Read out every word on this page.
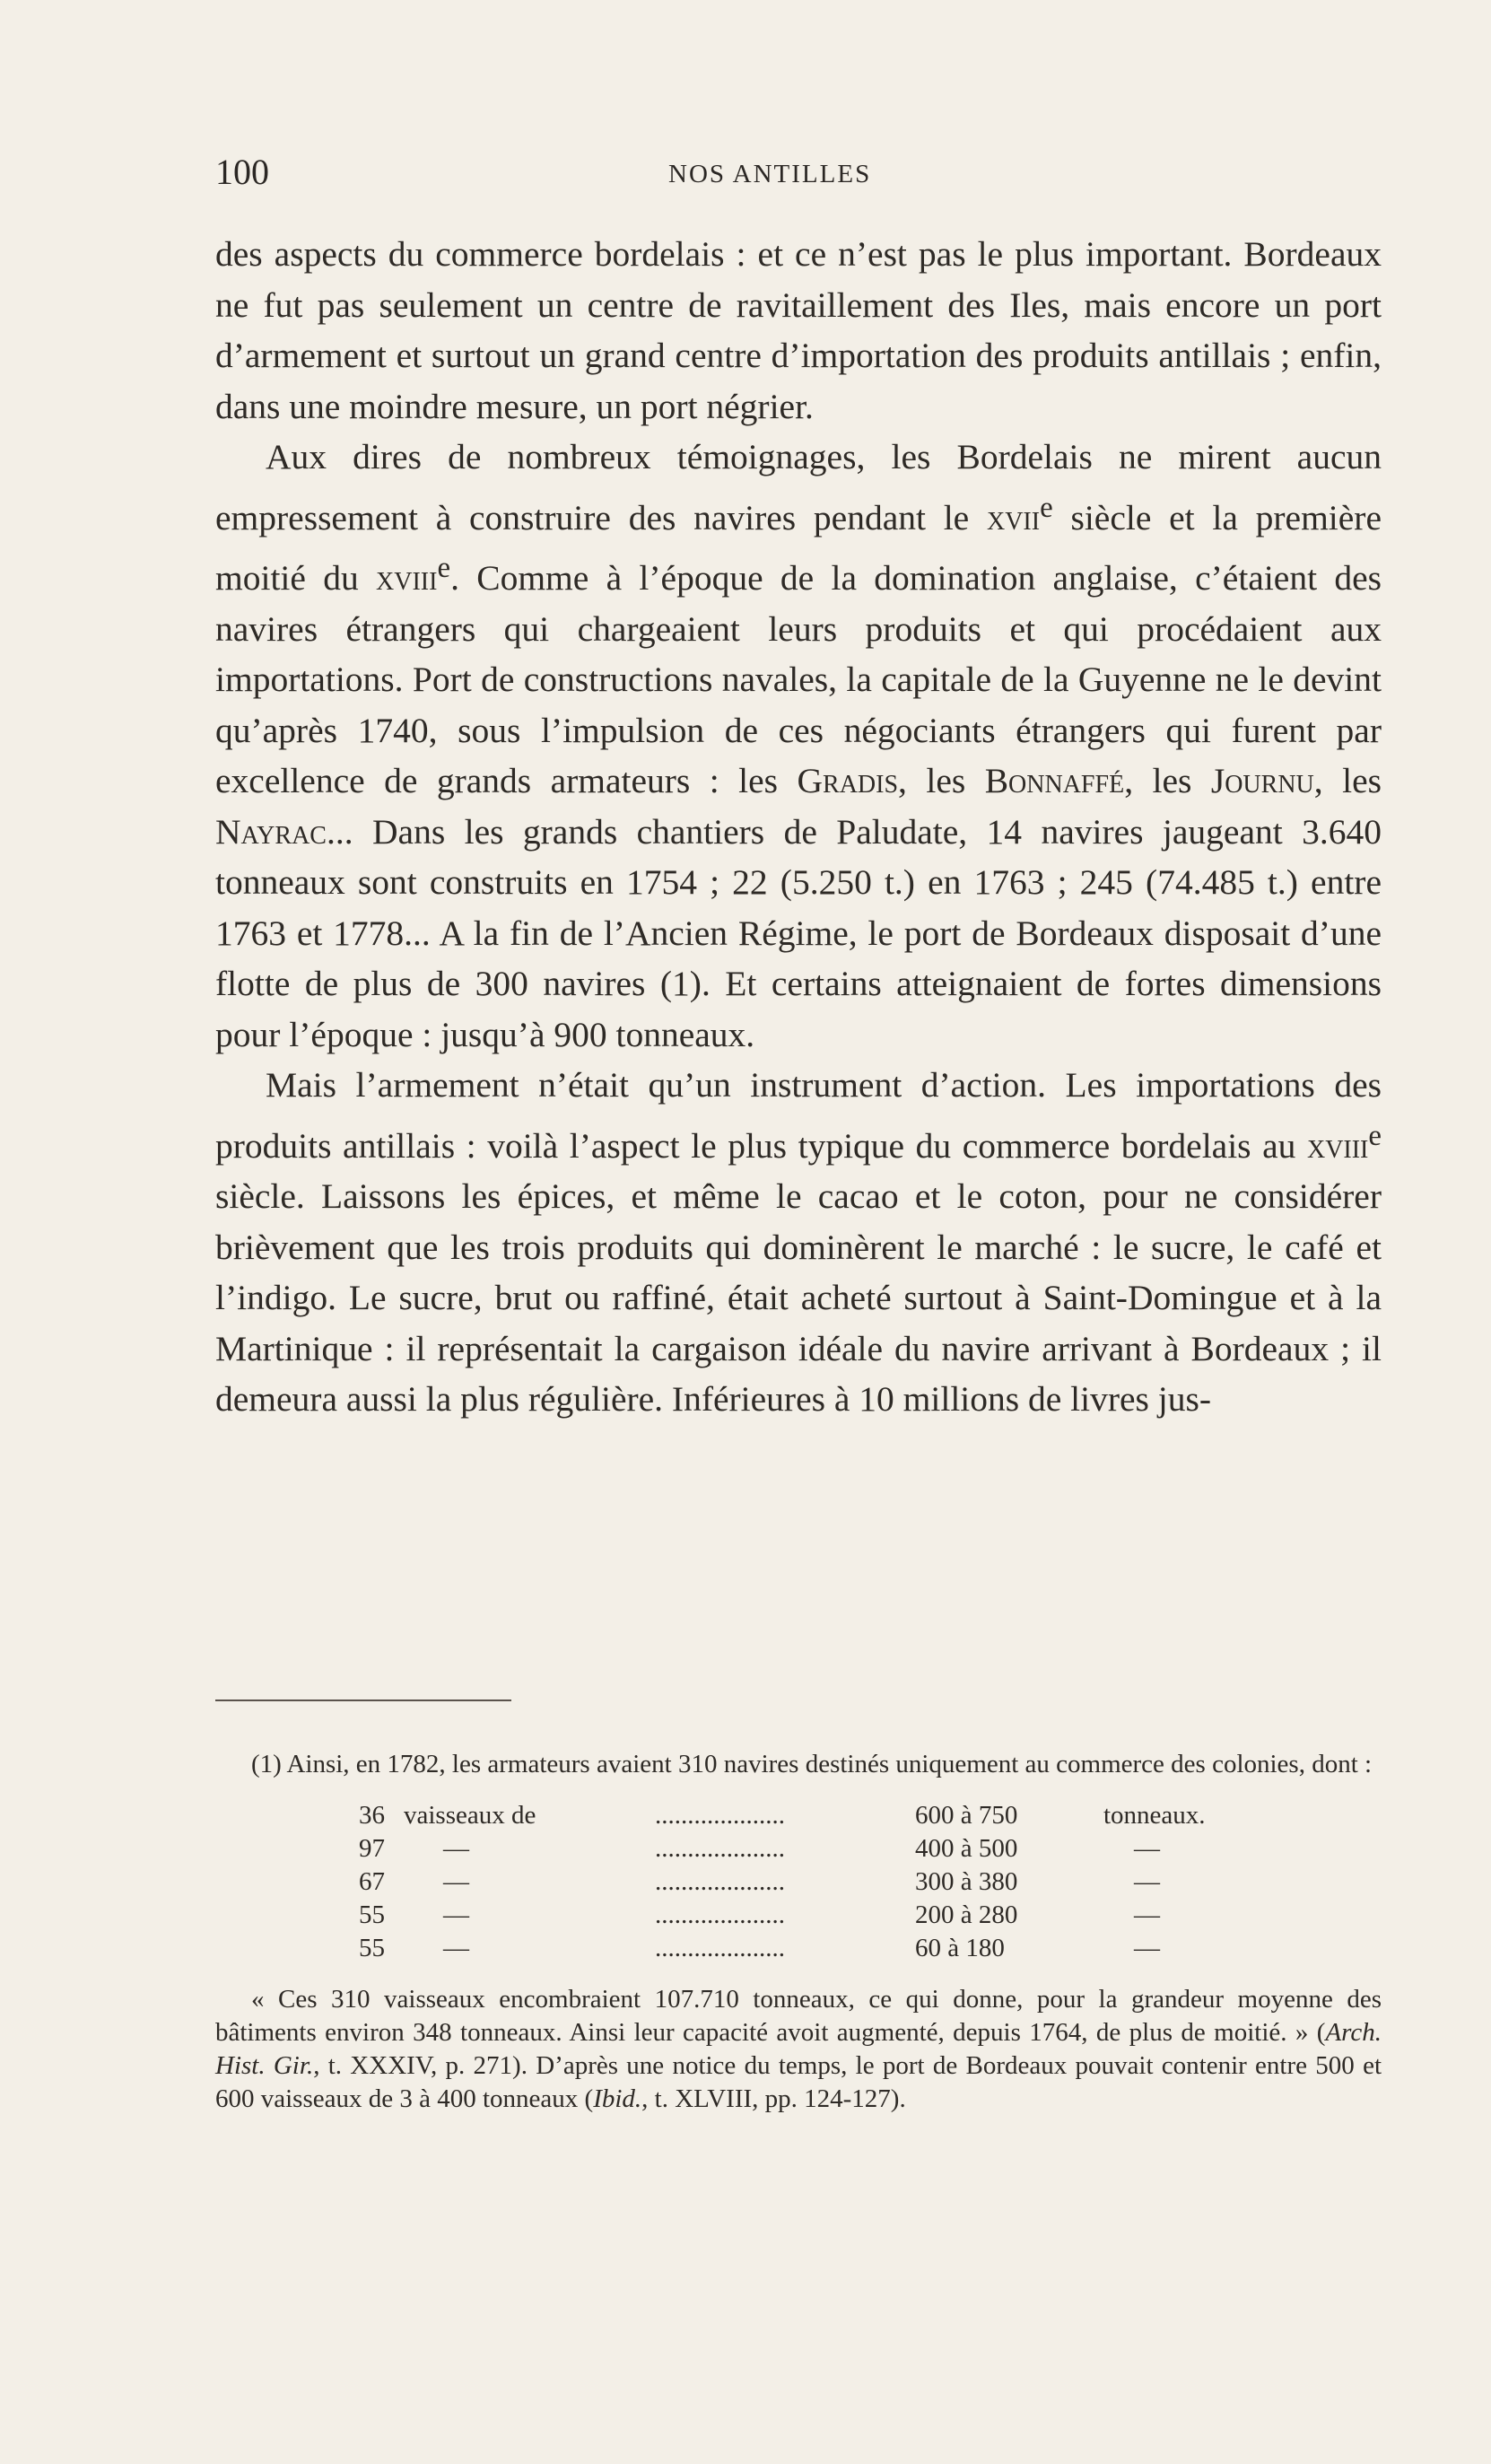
100	NOS ANTILLES

des aspects du commerce bordelais : et ce n’est pas le plus important. Bordeaux ne fut pas seulement un centre de ravitaillement des Iles, mais encore un port d’armement et surtout un grand centre d’importation des produits antillais ; enfin, dans une moindre mesure, un port négrier.

Aux dires de nombreux témoignages, les Bordelais ne mirent aucun empressement à construire des navires pendant le xvii$^e$ siècle et la première moitié du xviii$^e$. Comme à l’époque de la domination anglaise, c’étaient des navires étrangers qui chargeaient leurs produits et qui procédaient aux importations. Port de constructions navales, la capitale de la Guyenne ne le devint qu’après 1740, sous l’impulsion de ces négociants étrangers qui furent par excellence de grands armateurs : les Gradis, les Bonnaffé, les Journu, les Nayrac... Dans les grands chantiers de Paludate, 14 navires jaugeant 3.640 tonneaux sont construits en 1754 ; 22 (5.250 t.) en 1763 ; 245 (74.485 t.) entre 1763 et 1778... A la fin de l’Ancien Régime, le port de Bordeaux disposait d’une flotte de plus de 300 navires (1). Et certains atteignaient de fortes dimensions pour l’époque : jusqu’à 900 tonneaux.

Mais l’armement n’était qu’un instrument d’action. Les importations des produits antillais : voilà l’aspect le plus typique du commerce bordelais au xviii$^e$ siècle. Laissons les épices, et même le cacao et le coton, pour ne considérer brièvement que les trois produits qui dominèrent le marché : le sucre, le café et l’indigo. Le sucre, brut ou raffiné, était acheté surtout à Saint-Domingue et à la Martinique : il représentait la cargaison idéale du navire arrivant à Bordeaux ; il demeura aussi la plus régulière. Inférieures à 10 millions de livres jus-

(1) Ainsi, en 1782, les armateurs avaient 310 navires destinés uniquement au commerce des colonies, dont :

36	vaisseaux de	....................	600 à 750	tonneaux.
97	—	....................	400 à 500	—
67	—	....................	300 à 380	—
55	—	....................	200 à 280	—
55	—	....................	60 à 180	—

« Ces 310 vaisseaux encombraient 107.710 tonneaux, ce qui donne, pour la grandeur moyenne des bâtiments environ 348 tonneaux. Ainsi leur capacité avoit augmenté, depuis 1764, de plus de moitié. » (Arch. Hist. Gir., t. XXXIV, p. 271). D’après une notice du temps, le port de Bordeaux pouvait contenir entre 500 et 600 vaisseaux de 3 à 400 tonneaux (Ibid., t. XLVIII, pp. 124-127).
